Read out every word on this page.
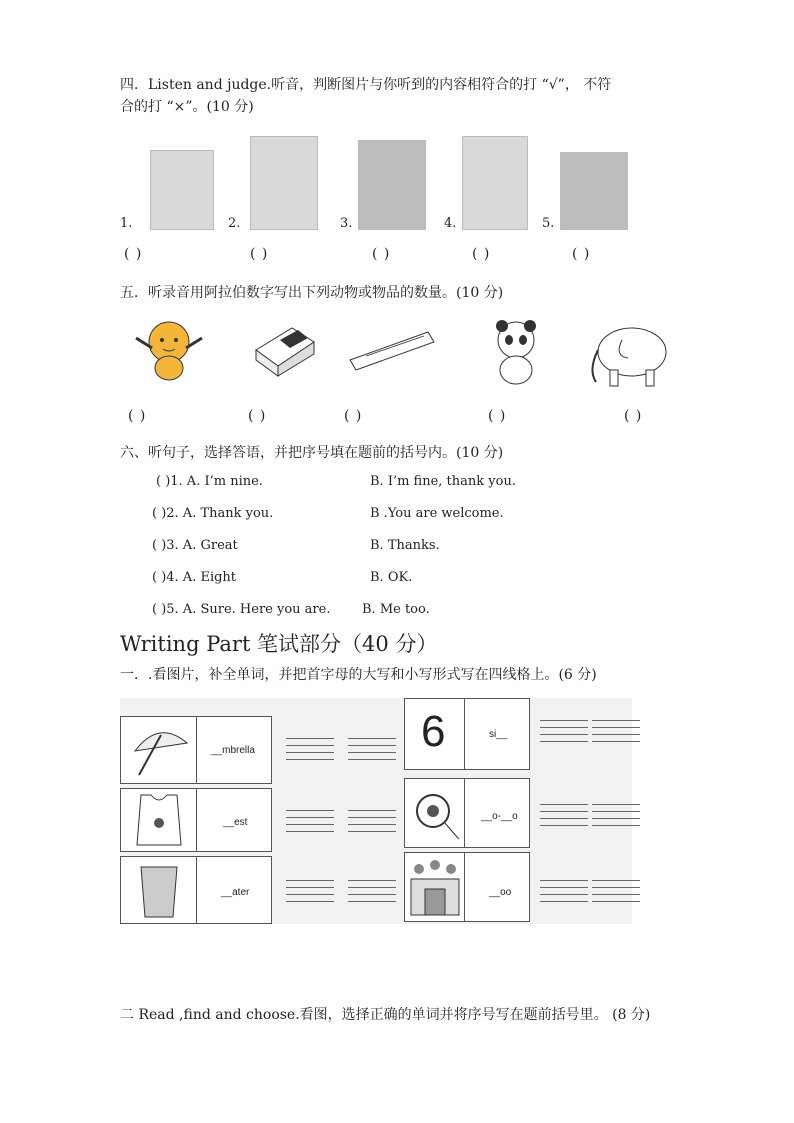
四．Listen and judge.听音，判断图片与你听到的内容相符合的打 “√”， 不符
合的打 “×”。(10 分)
1.	2.	3.	4.	5.
( )	( )	( )	( )	( )
五．听录音用阿拉伯数字写出下列动物或物品的数量。(10 分)
( )	( )	( )	( )	( )
六、听句子，选择答语，并把序号填在题前的括号内。(10 分)
( )1. A. I’m nine.	B. I’m fine, thank you.
( )2. A. Thank you.	B .You are welcome.
( )3. A. Great	B. Thanks.
( )4. A. Eight	B. OK.
( )5. A. Sure. Here you are. B. Me too.
Writing Part 笔试部分（40 分）
一．.看图片，补全单词，并把首字母的大写和小写形式写在四线格上。(6 分)
__mbrella
__est
__ater
6	si__
__o-__o
__oo
二 Read ,find and choose.看图，选择正确的单词并将序号写在题前括号里。 (8 分)
